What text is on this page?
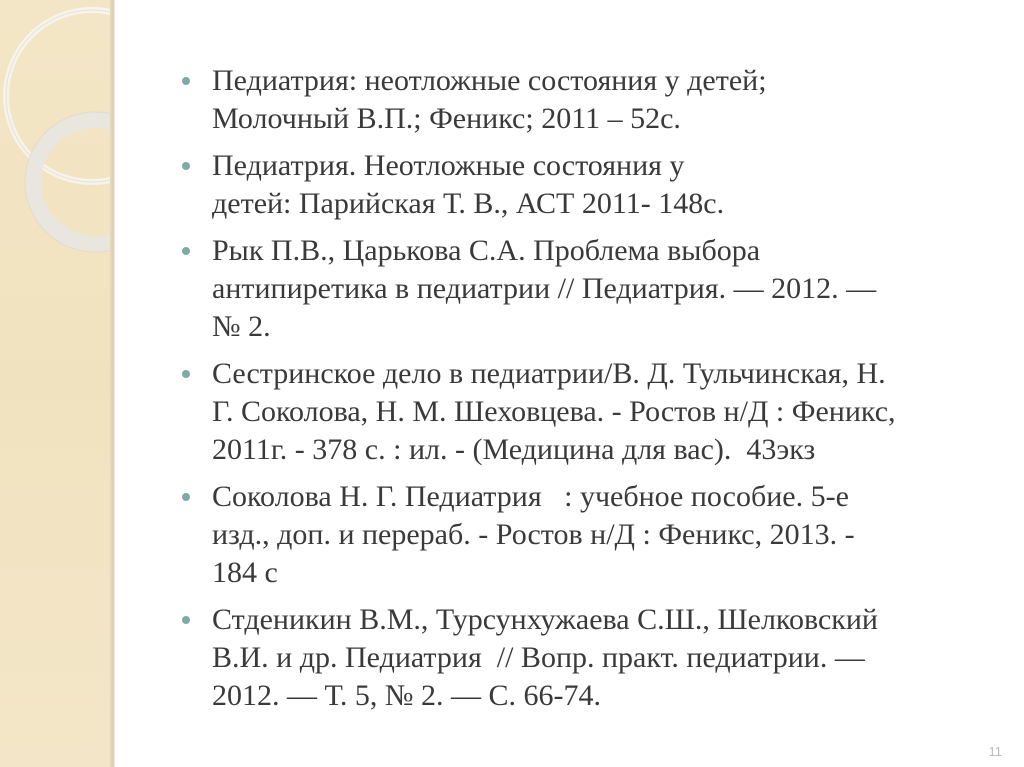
Педиатрия: неотложные состояния у детей;
Молочный В.П.; Феникс; 2011 – 52с.
Педиатрия. Неотложные состояния у
детей: Парийская Т. В., АСТ 2011- 148с.
Рык П.В., Царькова С.А. Проблема выбора
антипиретика в педиатрии // Педиатрия. — 2012. —
№ 2.
Сестринское дело в педиатрии/В. Д. Тульчинская, Н.
Г. Соколова, Н. М. Шеховцева. - Ростов н/Д : Феникс,
2011г. - 378 с. : ил. - (Медицина для вас).  43экз
Соколова Н. Г. Педиатрия   : учебное пособие. 5-е
изд., доп. и перераб. - Ростов н/Д : Феникс, 2013. -
184 с
Стденикин В.М., Турсунхужаева С.Ш., Шелковский
В.И. и др. Педиатрия  // Вопр. практ. педиатрии. —
2012. — Т. 5, № 2. — С. 66-74.
11
